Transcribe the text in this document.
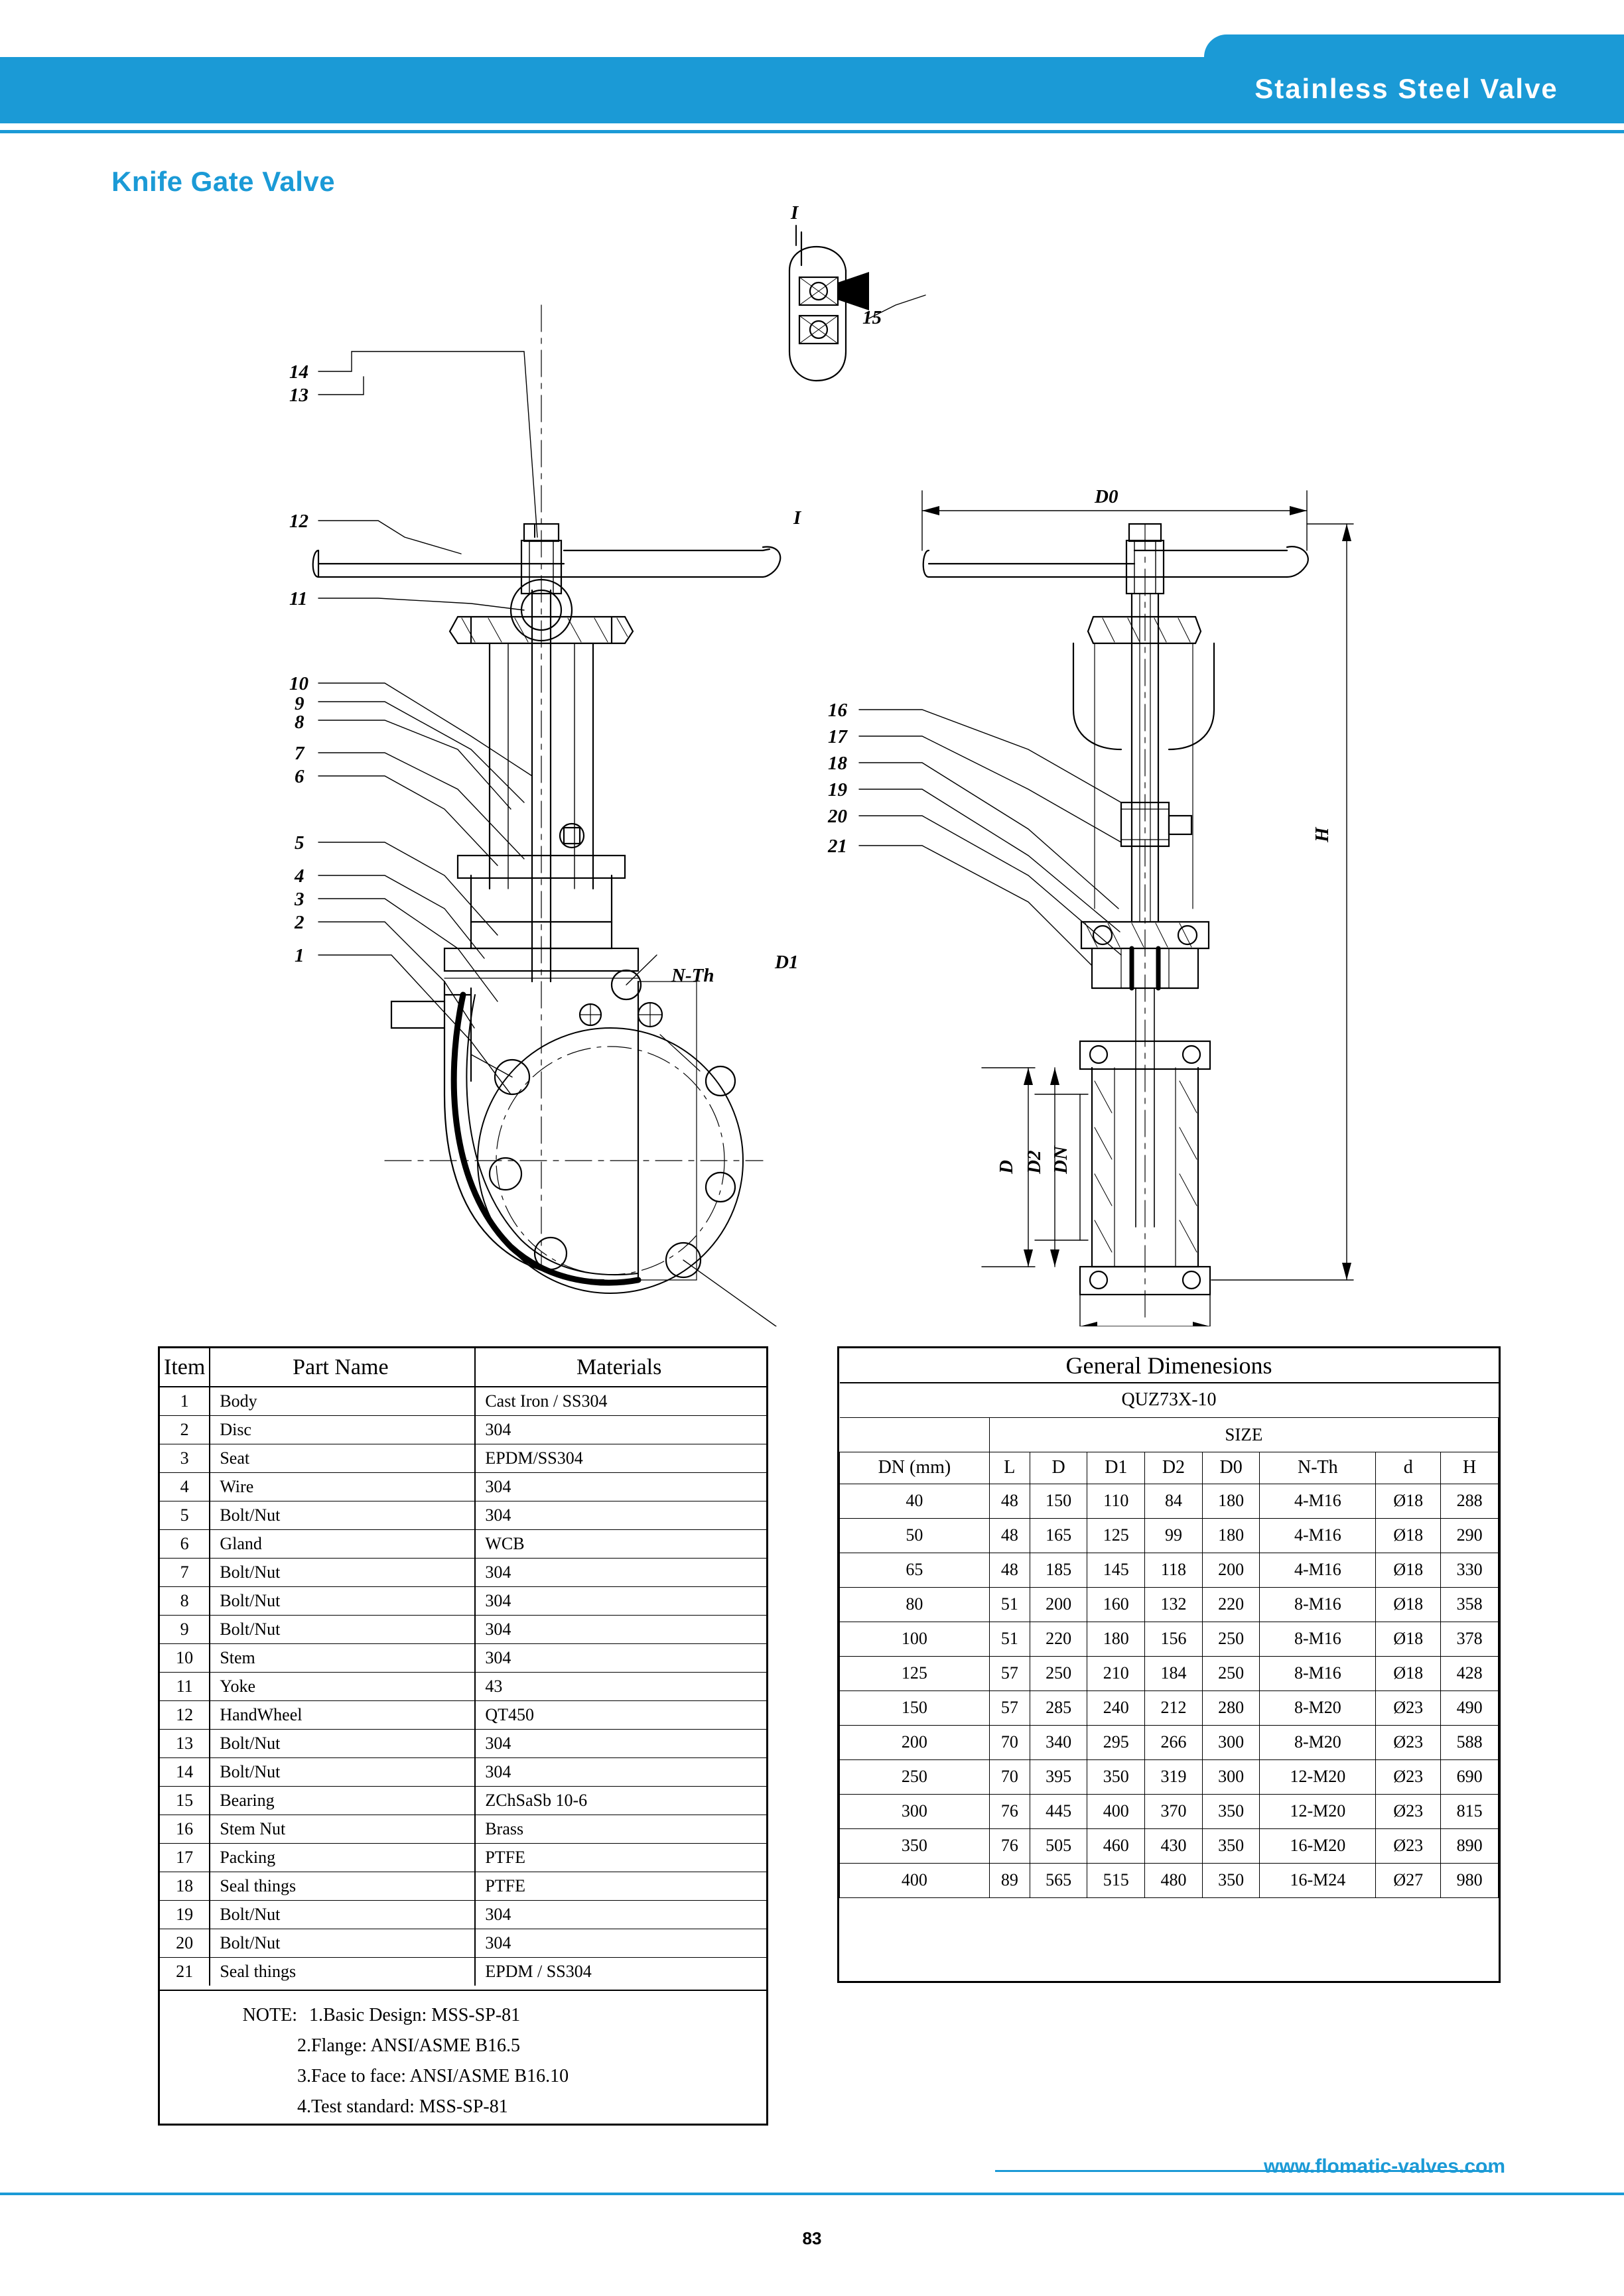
Stainless Steel Valve
Knife Gate Valve
14
13
12
11
10
9
8
7
6
5
4
3
2
1
15
16
17
18
19
20
21
I
I
D0
H
N-Th
D1
D D2 DN
Item	Part Name	Materials
1	Body	Cast Iron / SS304
2	Disc	304
3	Seat	EPDM/SS304
4	Wire	304
5	Bolt/Nut	304
6	Gland	WCB
7	Bolt/Nut	304
8	Bolt/Nut	304
9	Bolt/Nut	304
10	Stem	304
11	Yoke	43
12	HandWheel	QT450
13	Bolt/Nut	304
14	Bolt/Nut	304
15	Bearing	ZChSaSb 10-6
16	Stem Nut	Brass
17	Packing	PTFE
18	Seal things	PTFE
19	Bolt/Nut	304
20	Bolt/Nut	304
21	Seal things	EPDM / SS304
NOTE: 1.Basic Design: MSS-SP-81
2.Flange: ANSI/ASME B16.5
3.Face to face: ANSI/ASME B16.10
4.Test standard: MSS-SP-81
General Dimenesions								
QUZ73X-10								
	SIZE							
DN (mm)	L	D	D1	D2	D0	N-Th	d	H
40	48	150	110	84	180	4-M16	Ø18	288
50	48	165	125	99	180	4-M16	Ø18	290
65	48	185	145	118	200	4-M16	Ø18	330
80	51	200	160	132	220	8-M16	Ø18	358
100	51	220	180	156	250	8-M16	Ø18	378
125	57	250	210	184	250	8-M16	Ø18	428
150	57	285	240	212	280	8-M20	Ø23	490
200	70	340	295	266	300	8-M20	Ø23	588
250	70	395	350	319	300	12-M20	Ø23	690
300	76	445	400	370	350	12-M20	Ø23	815
350	76	505	460	430	350	16-M20	Ø23	890
400	89	565	515	480	350	16-M24	Ø27	980
www.flomatic-valves.com
83
